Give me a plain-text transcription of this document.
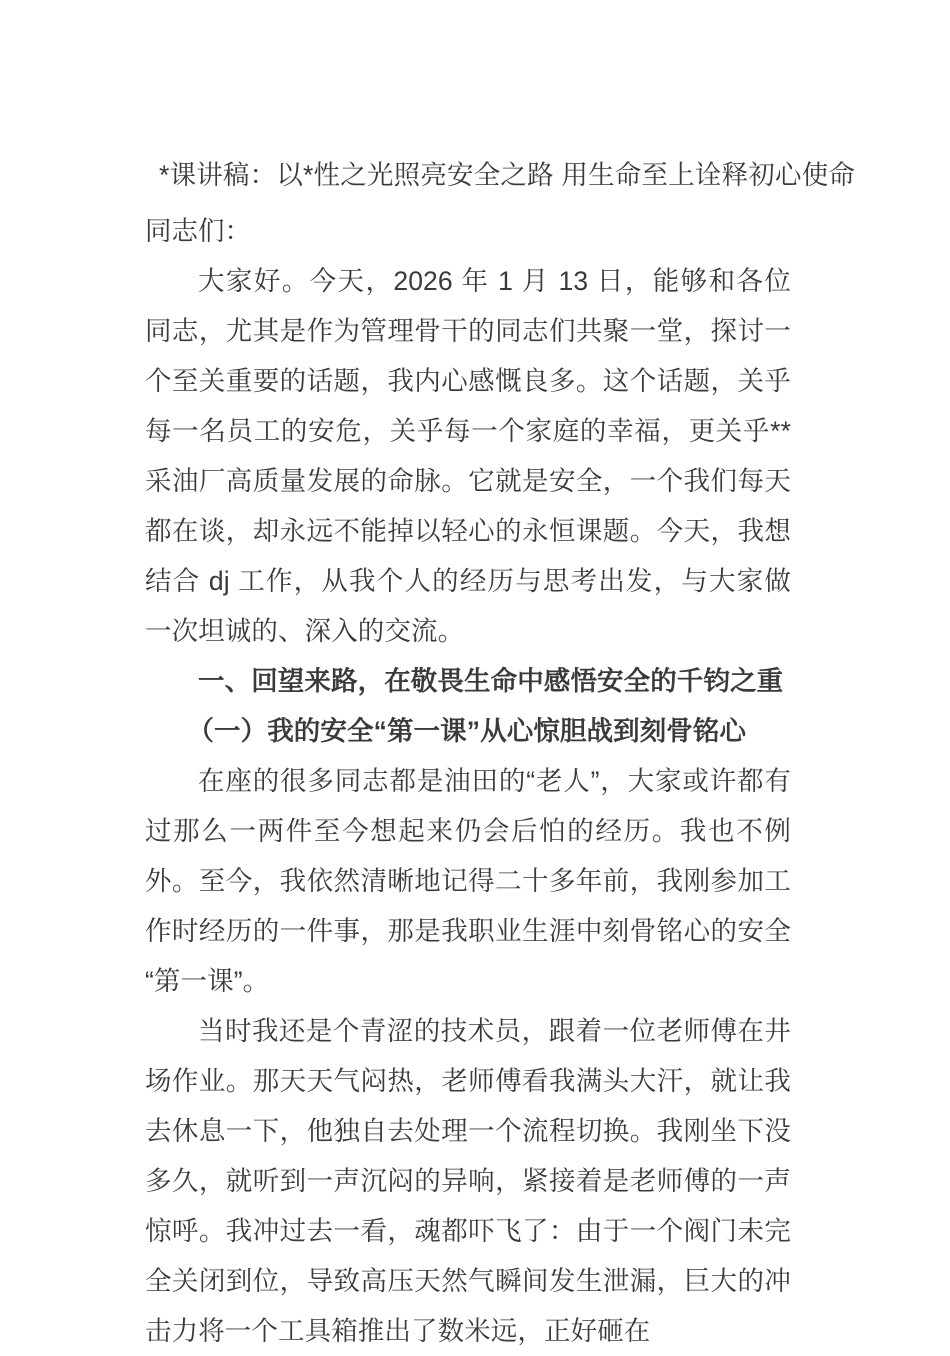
*课讲稿：以*性之光照亮安全之路 用生命至上诠释初心使命

同志们：

大家好。今天，2026 年 1 月 13 日，能够和各位同志，尤其是作为管理骨干的同志们共聚一堂，探讨一个至关重要的话题，我内心感慨良多。这个话题，关乎每一名员工的安危，关乎每一个家庭的幸福，更关乎**采油厂高质量发展的命脉。它就是安全，一个我们每天都在谈，却永远不能掉以轻心的永恒课题。今天，我想结合 dj 工作，从我个人的经历与思考出发，与大家做一次坦诚的、深入的交流。

一、回望来路，在敬畏生命中感悟安全的千钧之重

（一）我的安全“第一课”从心惊胆战到刻骨铭心

在座的很多同志都是油田的“老人”，大家或许都有过那么一两件至今想起来仍会后怕的经历。我也不例外。至今，我依然清晰地记得二十多年前，我刚参加工作时经历的一件事，那是我职业生涯中刻骨铭心的安全“第一课”。

当时我还是个青涩的技术员，跟着一位老师傅在井场作业。那天天气闷热，老师傅看我满头大汗，就让我去休息一下，他独自去处理一个流程切换。我刚坐下没多久，就听到一声沉闷的异响，紧接着是老师傅的一声惊呼。我冲过去一看，魂都吓飞了：由于一个阀门未完全关闭到位，导致高压天然气瞬间发生泄漏，巨大的冲击力将一个工具箱推出了数米远，正好砸在
